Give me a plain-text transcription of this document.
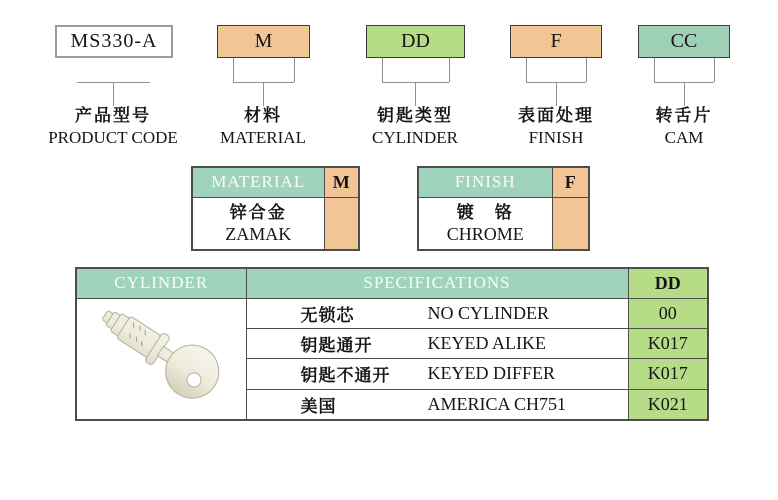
MS330-A	M	DD	F	CC
产品型号
PRODUCT CODE
材料
MATERIAL
钥匙类型
CYLINDER
表面处理
FINISH
转舌片
CAM
MATERIAL	M

锌合金
ZAMAK	

FINISH	F

镀　铬
CHROME	

CYLINDER	SPECIFICATIONS	DD

	无锁芯 NO CYLINDER	00
	钥匙通开 KEYED ALIKE	K017
	钥匙不通开 KEYED DIFFER	K017
	美国 AMERICA CH751	K021
